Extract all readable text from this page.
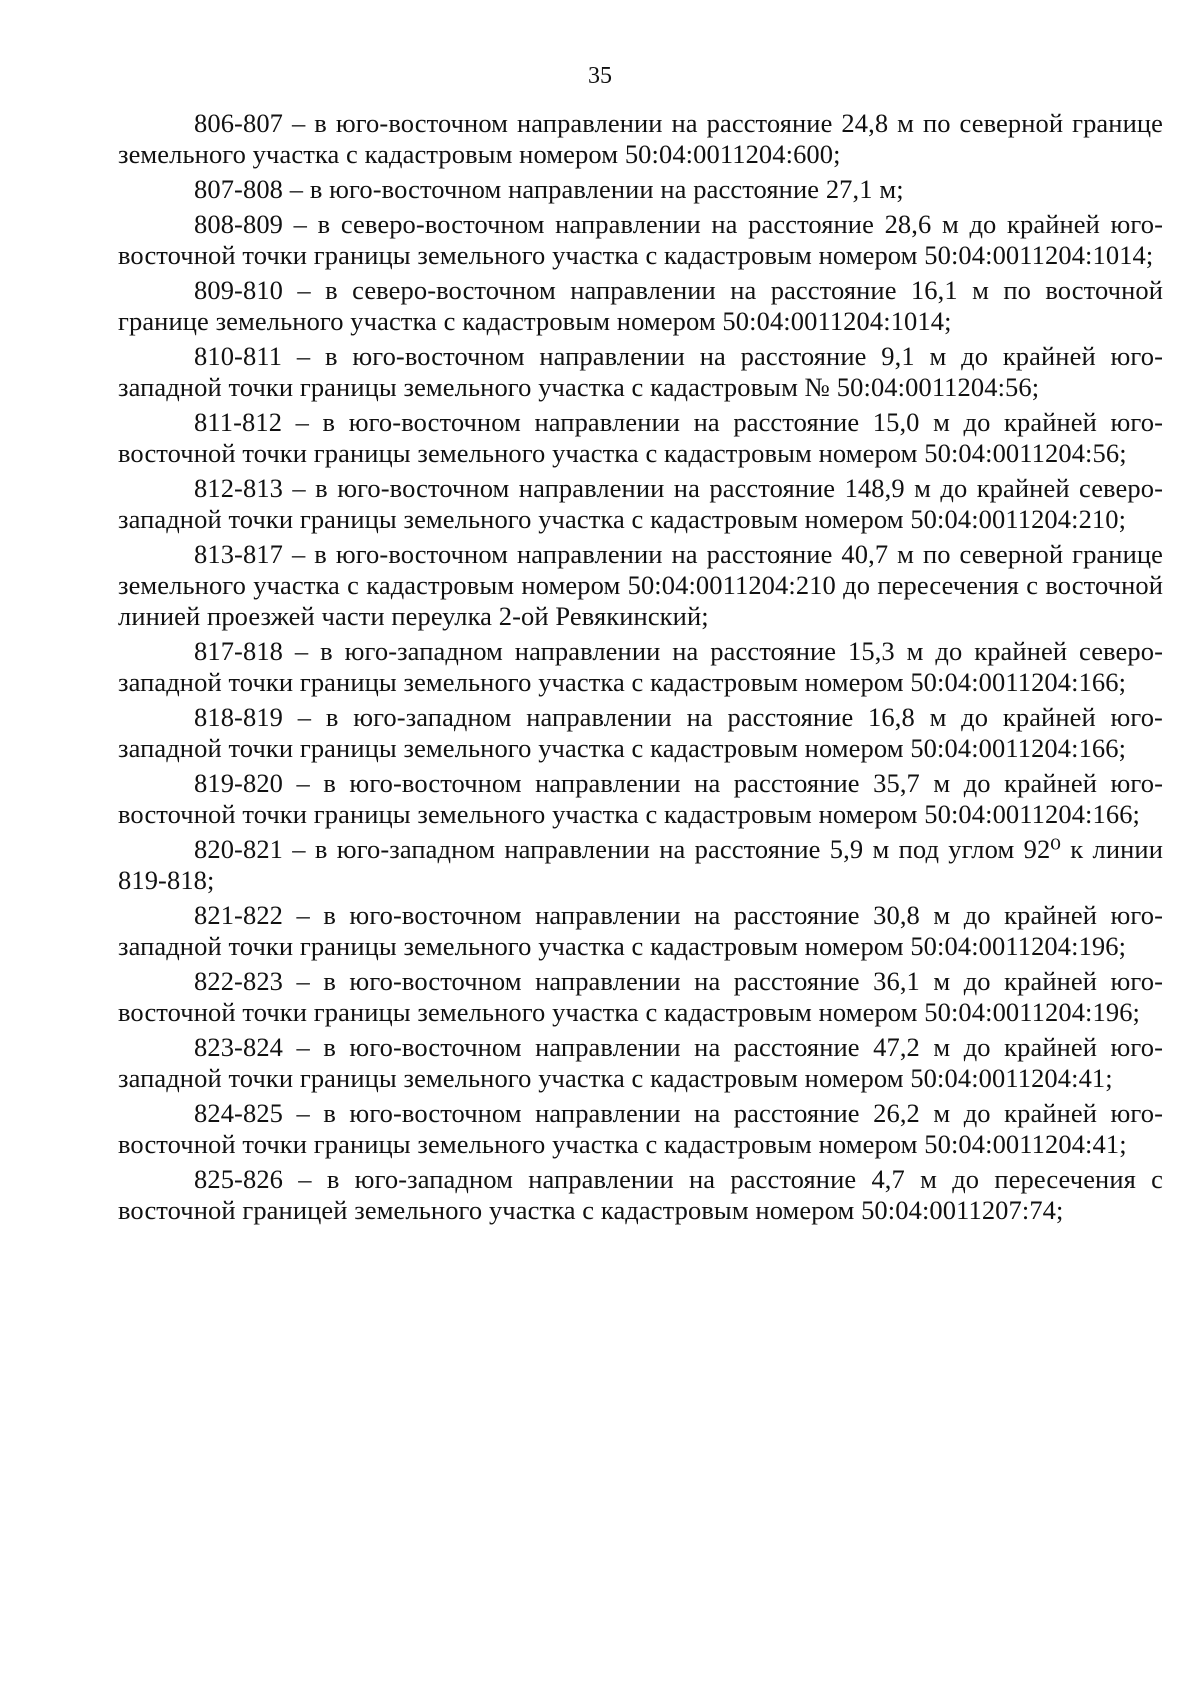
35

806-807 – в юго-восточном направлении на расстояние 24,8 м по северной границе земельного участка с кадастровым номером 50:04:0011204:600;

807-808 – в юго-восточном направлении на расстояние 27,1 м;

808-809 – в северо-восточном направлении на расстояние 28,6 м до крайней юго-восточной точки границы земельного участка с кадастровым номером 50:04:0011204:1014;

809-810 – в северо-восточном направлении на расстояние 16,1 м по восточной границе земельного участка с кадастровым номером 50:04:0011204:1014;

810-811 – в юго-восточном направлении на расстояние 9,1 м до крайней юго-западной точки границы земельного участка с кадастровым № 50:04:0011204:56;

811-812 – в юго-восточном направлении на расстояние 15,0 м до крайней юго-восточной точки границы земельного участка с кадастровым номером 50:04:0011204:56;

812-813 – в юго-восточном направлении на расстояние 148,9 м до крайней северо-западной точки границы земельного участка с кадастровым номером 50:04:0011204:210;

813-817 – в юго-восточном направлении на расстояние 40,7 м по северной границе земельного участка с кадастровым номером 50:04:0011204:210 до пересечения с восточной линией проезжей части переулка 2-ой Ревякинский;

817-818 – в юго-западном направлении на расстояние 15,3 м до крайней северо-западной точки границы земельного участка с кадастровым номером 50:04:0011204:166;

818-819 – в юго-западном направлении на расстояние 16,8 м до крайней юго-западной точки границы земельного участка с кадастровым номером 50:04:0011204:166;

819-820 – в юго-восточном направлении на расстояние 35,7 м до крайней юго-восточной точки границы земельного участка с кадастровым номером 50:04:0011204:166;

820-821 – в юго-западном направлении на расстояние 5,9 м под углом 92⁰ к линии 819-818;

821-822 – в юго-восточном направлении на расстояние 30,8 м до крайней юго-западной точки границы земельного участка с кадастровым номером 50:04:0011204:196;

822-823 – в юго-восточном направлении на расстояние 36,1 м до крайней юго-восточной точки границы земельного участка с кадастровым номером 50:04:0011204:196;

823-824 – в юго-восточном направлении на расстояние 47,2 м до крайней юго-западной точки границы земельного участка с кадастровым номером 50:04:0011204:41;

824-825 – в юго-восточном направлении на расстояние 26,2 м до крайней юго-восточной точки границы земельного участка с кадастровым номером 50:04:0011204:41;

825-826 – в юго-западном направлении на расстояние 4,7 м до пересечения с восточной границей земельного участка с кадастровым номером 50:04:0011207:74;
